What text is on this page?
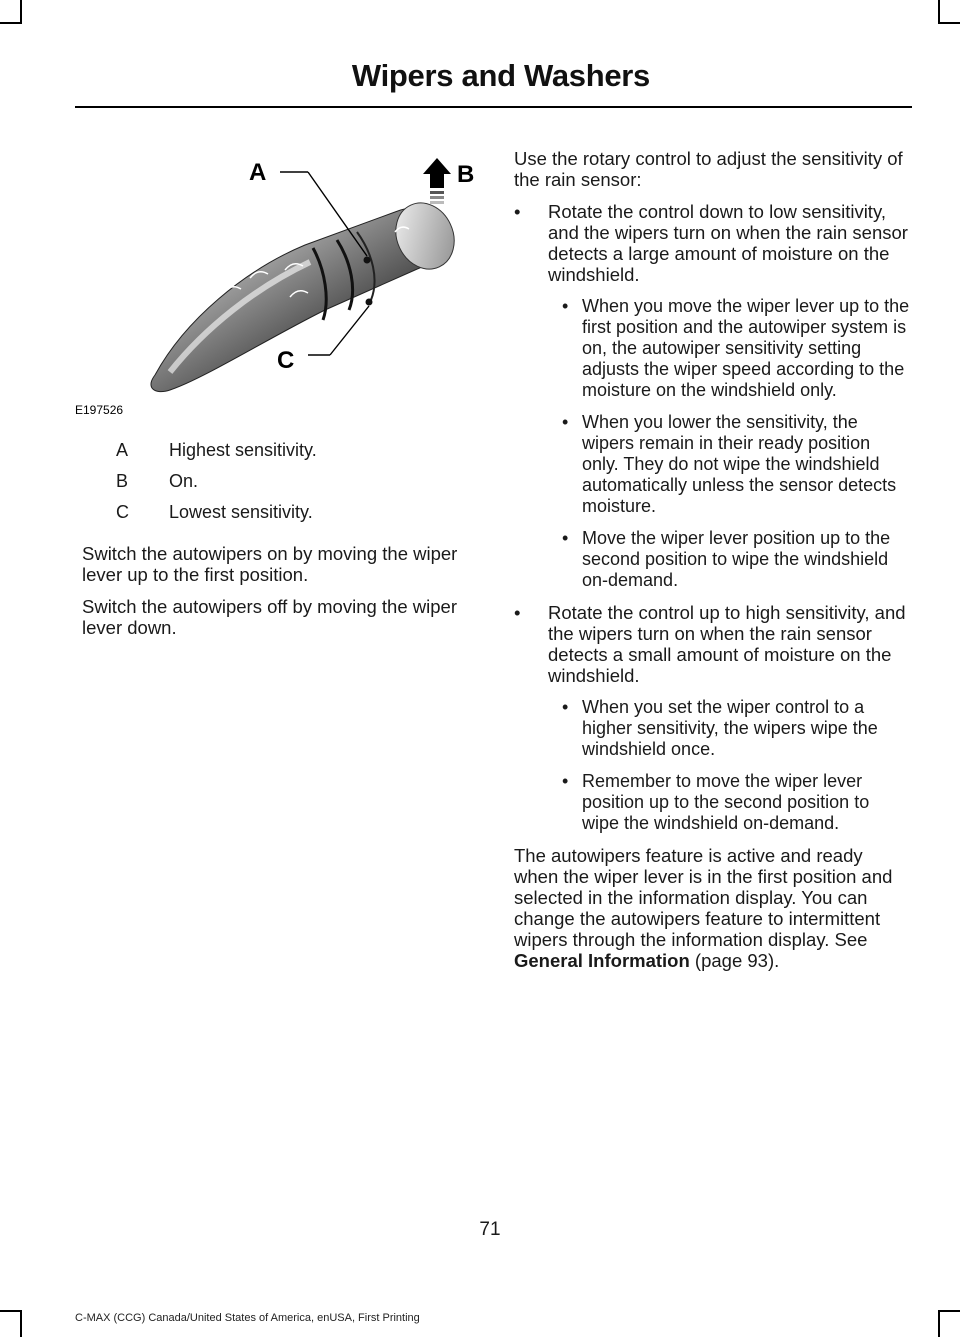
Wipers and Washers
A	B
C
E197526
A	Highest sensitivity.
B	On.
C	Lowest sensitivity.

Switch the autowipers on by moving the wiper lever up to the first position.

Switch the autowipers off by moving the wiper lever down.

Use the rotary control to adjust the sensitivity of the rain sensor:

• Rotate the control down to low sensitivity, and the wipers turn on when the rain sensor detects a large amount of moisture on the windshield.
• When you move the wiper lever up to the first position and the autowiper system is on, the autowiper sensitivity setting adjusts the wiper speed according to the moisture on the windshield only.
• When you lower the sensitivity, the wipers remain in their ready position only. They do not wipe the windshield automatically unless the sensor detects moisture.
• Move the wiper lever position up to the second position to wipe the windshield on-demand.
• Rotate the control up to high sensitivity, and the wipers turn on when the rain sensor detects a small amount of moisture on the windshield.
• When you set the wiper control to a higher sensitivity, the wipers wipe the windshield once.
• Remember to move the wiper lever position up to the second position to wipe the windshield on-demand.

The autowipers feature is active and ready when the wiper lever is in the first position and selected in the information display. You can change the autowipers feature to intermittent wipers through the information display. See General Information (page 93).

71
C-MAX (CCG) Canada/United States of America, enUSA, First Printing
